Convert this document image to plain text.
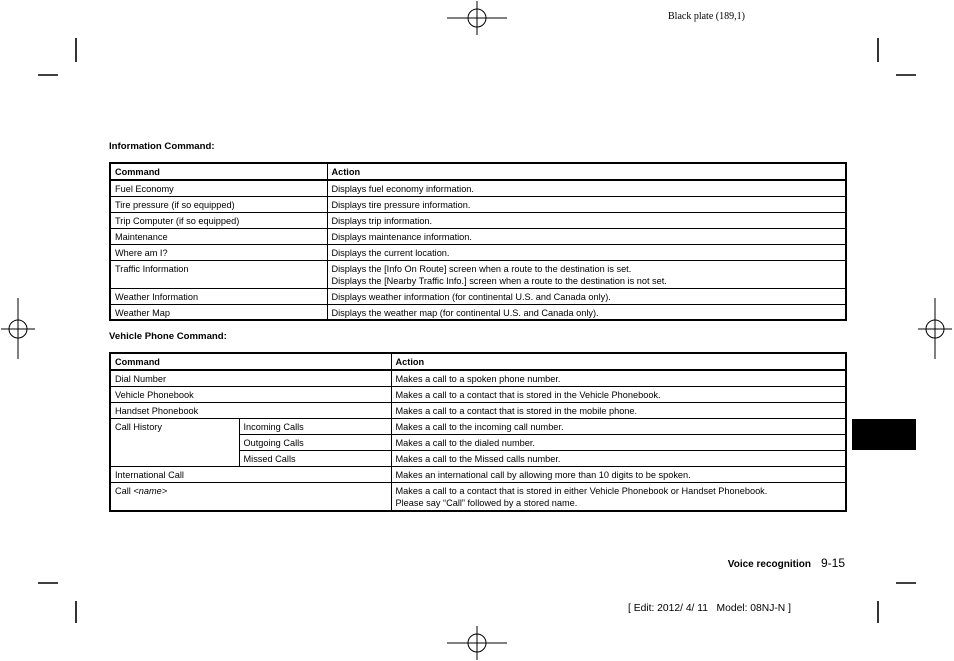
Black plate (189,1)
Information Command:
Command	Action
Fuel Economy	Displays fuel economy information.

Tire pressure (if so equipped)	Displays tire pressure information.

Trip Computer (if so equipped)	Displays trip information.

Maintenance	Displays maintenance information.

Where am I?	Displays the current location.

Traffic Information	Displays the [Info On Route] screen when a route to the destination is set.
Displays the [Nearby Traffic Info.] screen when a route to the destination is not set.

Weather Information	Displays weather information (for continental U.S. and Canada only).

Weather Map	Displays the weather map (for continental U.S. and Canada only).
Vehicle Phone Command:
Command		Action
Dial Number		Makes a call to a spoken phone number.

Vehicle Phonebook		Makes a call to a contact that is stored in the Vehicle Phonebook.

Handset Phonebook		Makes a call to a contact that is stored in the mobile phone.

Call History	Incoming Calls	Makes a call to the incoming call number.

	Outgoing Calls	Makes a call to the dialed number.

	Missed Calls	Makes a call to the Missed calls number.

International Call		Makes an international call by allowing more than 10 digits to be spoken.

Call <name>		Makes a call to a contact that is stored in either Vehicle Phonebook or Handset Phonebook.
Please say “Call” followed by a stored name.
Voice recognition 9-15
[ Edit: 2012/ 4/ 11   Model: 08NJ-N ]
